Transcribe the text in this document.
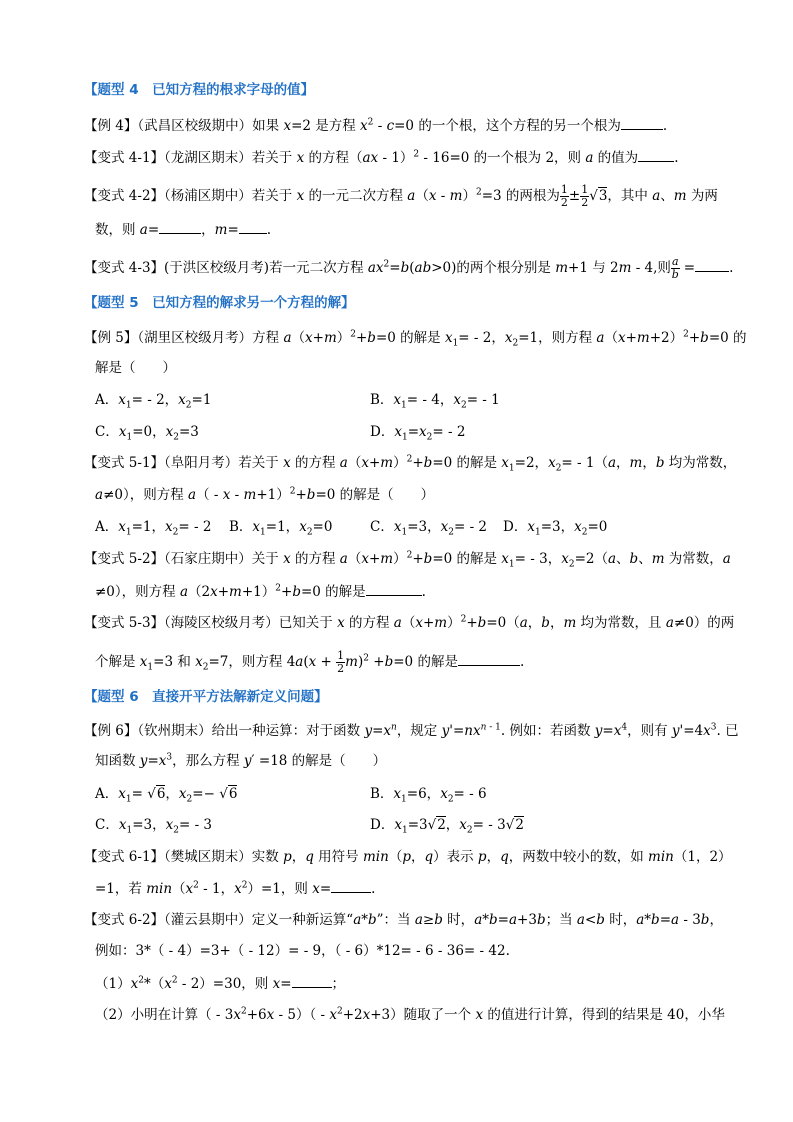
【题型 4　已知方程的根求字母的值】
【例 4】（武昌区校级期中）如果 x=2 是方程 $x^2 - c=0$ 的一个根，这个方程的另一个根为	.
【变式 4-1】（龙湖区期末）若关于 x 的方程（ax - 1）$^2$ - 16=0 的一个根为 2，则 a 的值为	.
【变式 4-2】（杨浦区期中）若关于 x 的一元二次方程 a（x - m）$^2$=3 的两根为 $\frac{1}{2} \pm \frac{1}{2} √3$，其中 a、m 为两
数，则 a=	，m= .
【变式 4-3】(于洪区校级月考)若一元二次方程 $ax^2=b(ab>0)$的两个根分别是 m+1 与 2m - 4,则 $\frac{a}{b}$ =	.
【题型 5　已知方程的解求另一个方程的解】
【例 5】（湖里区校级月考）方程 $a(x+m)^2+b=0$ 的解是 $x_1= - 2$，$x_2=1$，则方程 $a(x+m+2)^2+b=0$ 的
解是（　　）
A．$x_1= - 2$，$x_2=1$	B．$x_1= - 4$，$x_2= - 1$
C．$x_1=0$，$x_2=3$	D．$x_1=x_2= - 2$
【变式 5-1】（阜阳月考）若关于 x 的方程 $a(x+m)^2+b=0$ 的解是 $x_1=2$，$x_2= - 1(a$，m，b 均为常数，
a≠0），则方程 $a( - x - m+1)^2+b=0$ 的解是（　　）
A．$x_1=1$，$x_2= - 2$ B．$x_1=1$，$x_2=0$	C．$x_1=3$，$x_2= - 2$ D．$x_1=3$，$x_2=0$
【变式 5-2】（石家庄期中）关于 x 的方程 $a(x+m)^2+b=0$ 的解是 $x_1= - 3$，$x_2=2(a$、b、m 为常数，a
≠0），则方程 $a(2x+m+1)^2+b=0$ 的解是	.
【变式 5-3】（海陵区校级月考）已知关于 x 的方程 $a(x+m)^2+b=0(a$，b，m 均为常数，且 a≠0）的两
个解是 $x_1=3$ 和 $x_2=7$，则方程 $4a(x + \frac{1}{2} m)^2 +b=0$ 的解是	.
【题型 6　直接开平方法解新定义问题】
【例 6】（钦州期末）给出一种运算：对于函数 $y=x^n$，规定 $y'=nx^{n - 1}$. 例如：若函数 $y=x^4$，则有 $y'=4x^3$. 已
知函数 $y=x^3$，那么方程 y′ =18 的解是（　　）
A．$x_1= √6$，$x_2=- √6$	B．$x_1=6$，$x_2= - 6$
C．$x_1=3$，$x_2= - 3$	D．$x_1=3√2$，$x_2= - 3√2$
【变式 6-1】（樊城区期末）实数 p，q 用符号 min（p，q）表示 p，q，两数中较小的数，如 min（1，2）
=1，若 $\min(x^2 - 1$，$x^2)=1$，则 x=	.
【变式 6-2】（灌云县期中）定义一种新运算“a*b”：当 a≥b 时，a*b=a+3b；当 a<b 时，a*b=a - 3b，
例如：3*（ - 4）=3+（ - 12）= - 9，（ - 6）*12= - 6 - 36= - 42.
$(1)x^2*(x^2 - 2)=30$，则 x=	；
（2）小明在计算（ - $3x^2+6x - 5)( - x^2+2x+3)$随取了一个 x 的值进行计算，得到的结果是 40，小华
